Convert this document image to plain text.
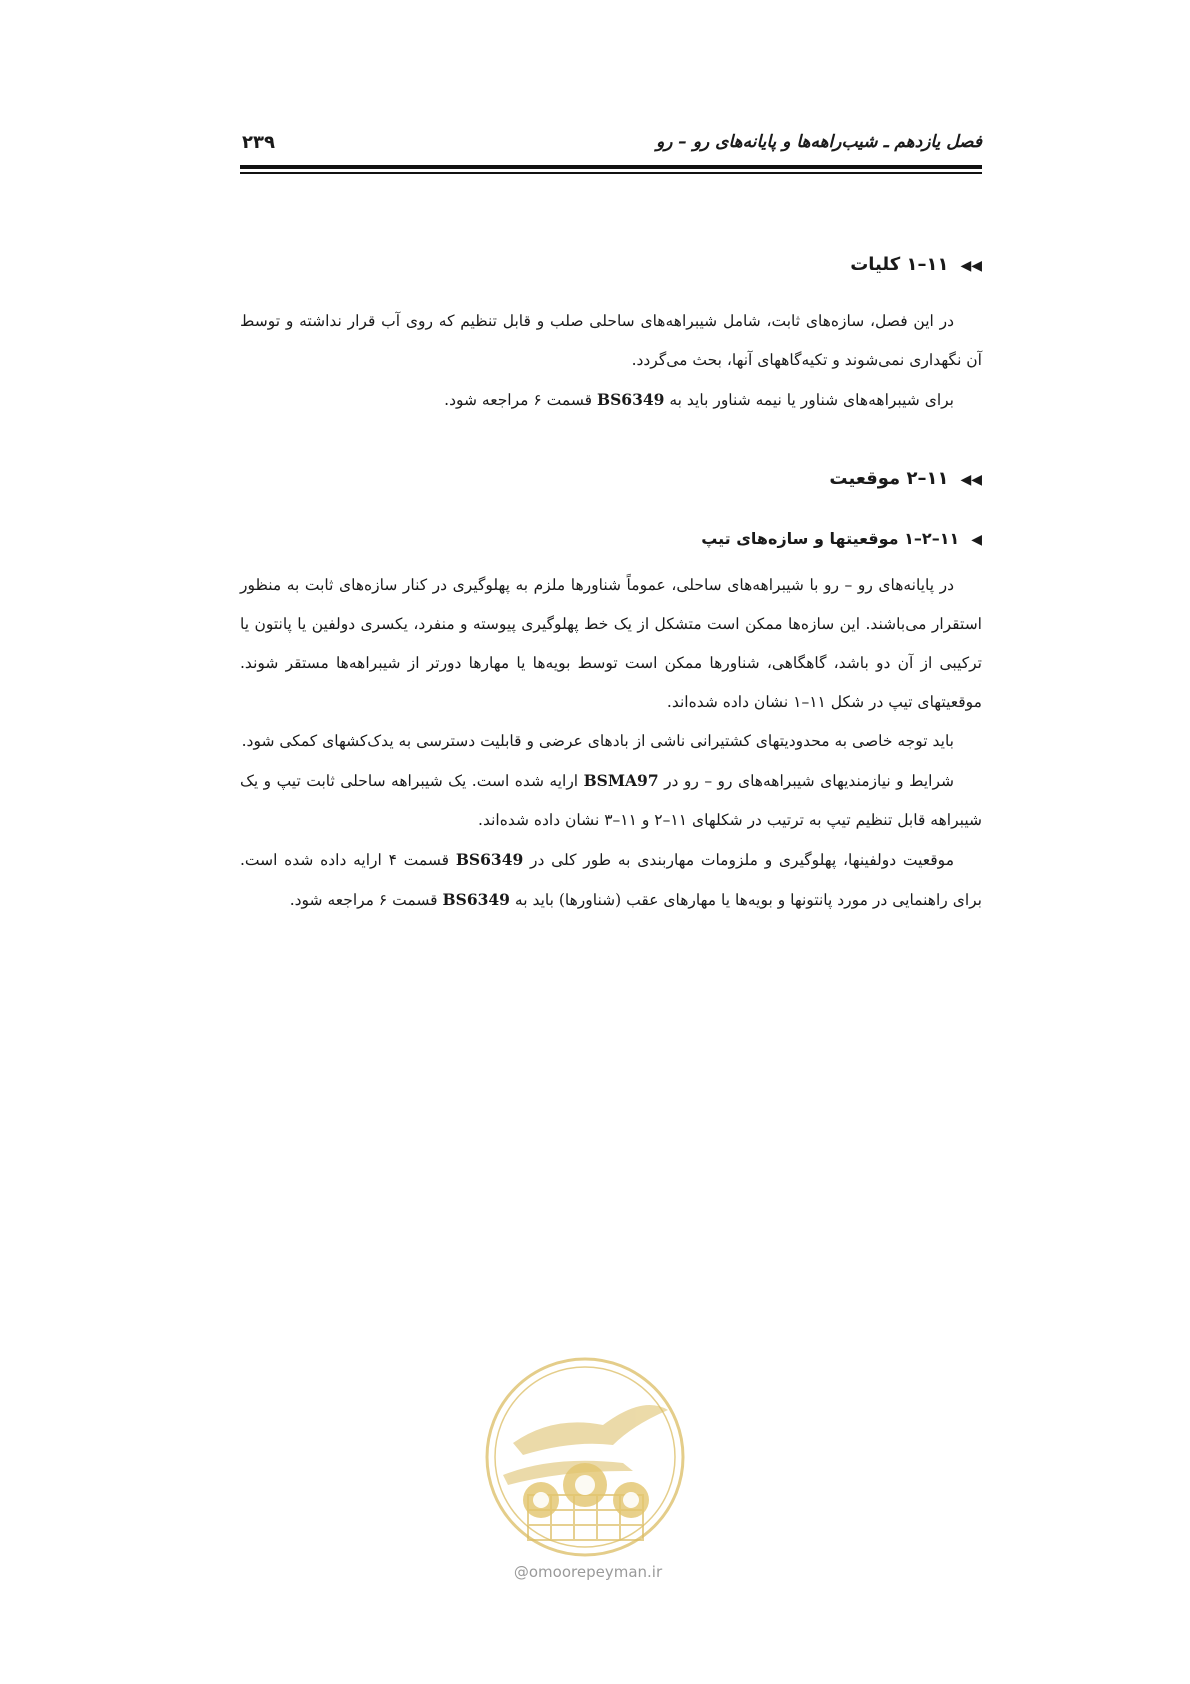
فصل یازدهم ـ شیب‌راهه‌ها و پایانه‌های رو – رو
۲۳۹
◀◀۱۱–۱ کلیات

در این فصل، سازه‌های ثابت، شامل شیبراهه‌های ساحلی صلب و قابل تنظیم که روی آب قرار نداشته و توسط آن نگهداری نمی‌شوند و تکیه‌گاههای آنها، بحث می‌گردد.

برای شیبراهه‌های شناور یا نیمه شناور باید به BS6349 قسمت ۶ مراجعه شود.

◀◀۱۱–۲ موقعیت
◀۱۱–۲–۱ موقعیتها و سازه‌های تیپ

در پایانه‌های رو – رو با شیبراهه‌های ساحلی، عموماً شناورها ملزم به پهلوگیری در کنار سازه‌های ثابت به منظور استقرار می‌باشند. این سازه‌ها ممکن است متشکل از یک خط پهلوگیری پیوسته و منفرد، یکسری دولفین یا پانتون یا ترکیبی از آن دو باشد، گاهگاهی، شناورها ممکن است توسط بویه‌ها یا مهارها دورتر از شیبراهه‌ها مستقر شوند. موقعیتهای تیپ در شکل ۱۱–۱ نشان داده شده‌اند.

باید توجه خاصی به محدودیتهای کشتیرانی ناشی از بادهای عرضی و قابلیت دسترسی به یدک‌کشهای کمکی شود.

شرایط و نیازمندیهای شیبراهه‌های رو – رو در BSMA97 ارایه شده است. یک شیبراهه ساحلی ثابت تیپ و یک شیبراهه قابل تنظیم تیپ به ترتیب در شکلهای ۱۱–۲ و ۱۱–۳ نشان داده شده‌اند.

موقعیت دولفینها، پهلوگیری و ملزومات مهاربندی به طور کلی در BS6349 قسمت ۴ ارایه داده شده است. برای راهنمایی در مورد پانتونها و بویه‌ها یا مهارهای عقب (شناورها) باید به BS6349 قسمت ۶ مراجعه شود.

@omoorepeyman.ir
